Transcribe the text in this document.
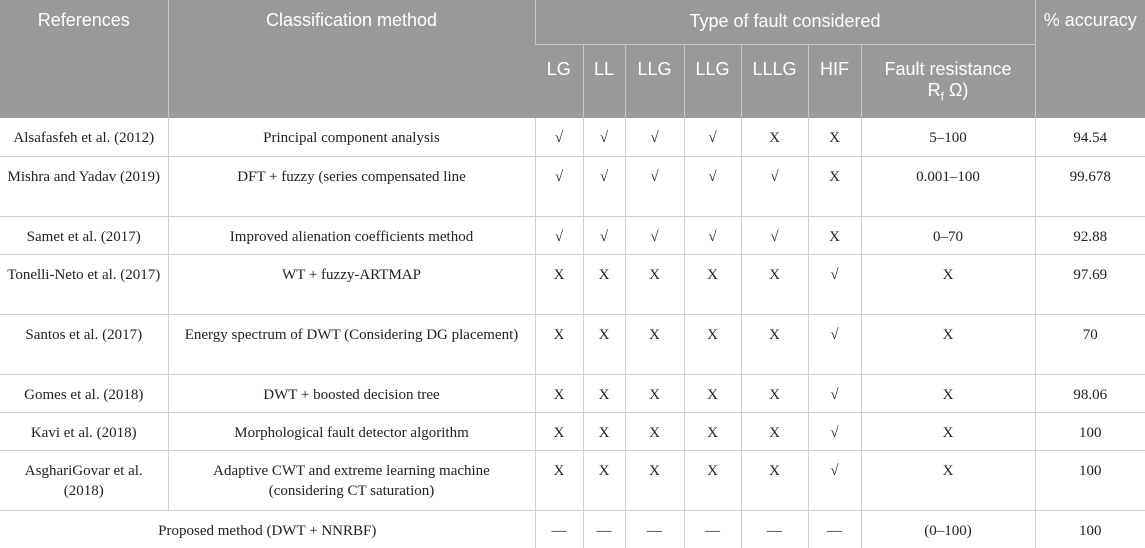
References	Classification method	Type of fault considered							% accuracy
		LG	LL	LLG	LLG	LLLG	HIF	Fault resistance
$R_f$ Ω)	
Alsafasfeh et al. (2012)	Principal component analysis	√	√	√	√	X	X	5–100	94.54
Mishra and Yadav (2019)	DFT + fuzzy (series compensated line	√	√	√	√	√	X	0.001–100	99.678
Samet et al. (2017)	Improved alienation coefficients method	√	√	√	√	√	X	0–70	92.88
Tonelli-Neto et al. (2017)	WT + fuzzy-ARTMAP	X	X	X	X	X	√	X	97.69
Santos et al. (2017)	Energy spectrum of DWT (Considering DG placement)	X	X	X	X	X	√	X	70
Gomes et al. (2018)	DWT + boosted decision tree	X	X	X	X	X	√	X	98.06
Kavi et al. (2018)	Morphological fault detector algorithm	X	X	X	X	X	√	X	100
AsghariGovar et al. (2018)	Adaptive CWT and extreme learning machine (considering CT saturation)	X	X	X	X	X	√	X	100
Proposed method (DWT + NNRBF)		—	—	—	—	—	—	(0–100)	100
